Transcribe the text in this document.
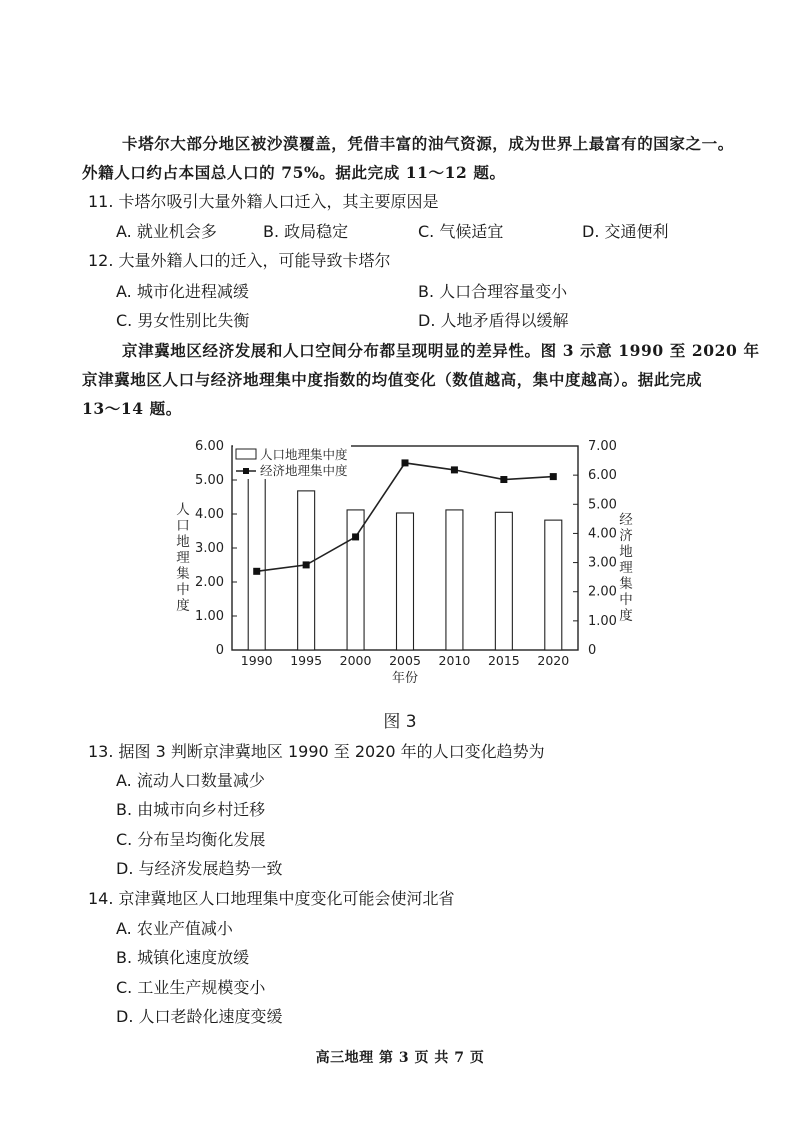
卡塔尔大部分地区被沙漠覆盖，凭借丰富的油气资源，成为世界上最富有的国家之一。
外籍人口约占本国总人口的 75%。据此完成 11～12 题。
11. 卡塔尔吸引大量外籍人口迁入，其主要原因是
A. 就业机会多	B. 政局稳定	C. 气候适宜	D. 交通便利
12. 大量外籍人口的迁入，可能导致卡塔尔
A. 城市化进程减缓	B. 人口合理容量变小
C. 男女性别比失衡	D. 人地矛盾得以缓解
京津冀地区经济发展和人口空间分布都呈现明显的差异性。图 3 示意 1990 至 2020 年
京津冀地区人口与经济地理集中度指数的均值变化（数值越高，集中度越高）。据此完成
13～14 题。
0
1.00
2.00
3.00
4.00
5.00
6.00
0
1.00
2.00
3.00
4.00
5.00
6.00
7.00
1990 1995 2000 2005 2010 2015 2020
人口地理集中度
经济地理集中度
年份
人口地理集中度
经济地理集中度
图 3
13. 据图 3 判断京津冀地区 1990 至 2020 年的人口变化趋势为
A. 流动人口数量减少
B. 由城市向乡村迁移
C. 分布呈均衡化发展
D. 与经济发展趋势一致
14. 京津冀地区人口地理集中度变化可能会使河北省
A. 农业产值减小
B. 城镇化速度放缓
C. 工业生产规模变小
D. 人口老龄化速度变缓
高三地理 第 3 页 共 7 页
